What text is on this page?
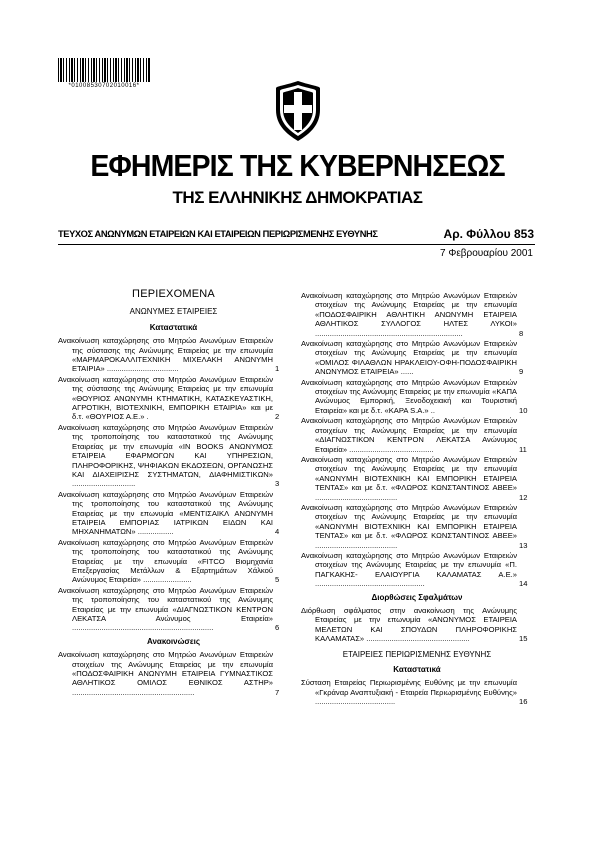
*01008530702010016*
ΕΦΗΜΕΡΙΣ ΤΗΣ ΚΥΒΕΡΝΗΣΕΩΣ
ΤΗΣ ΕΛΛΗΝΙΚΗΣ ΔΗΜΟΚΡΑΤΙΑΣ
ΤΕΥΧΟΣ ΑΝΩΝΥΜΩΝ ΕΤΑΙΡΕΙΩΝ ΚΑΙ ΕΤΑΙΡΕΙΩΝ ΠΕΡΙΩΡΙΣΜΕΝΗΣ ΕΥΘΥΝΗΣ	Αρ. Φύλλου 853
7 Φεβρουαρίου 2001
ΠΕΡΙΕΧΟΜΕΝΑ
ΑΝΩΝΥΜΕΣ ΕΤΑΙΡΕΙΕΣ
Καταστατικά
Ανακοίνωση καταχώρησης στο Μητρώο Ανωνύμων Εταιρειών της σύστασης της Ανώνυμης Εταιρείας με την επωνυμία «ΜΑΡΜΑΡΟΚΑΛΛΙΤΕΧΝΙΚΗ ΜΙΧΕΛΑΚΗ ΑΝΩΝΥΜΗ ΕΤΑΙΡΙΑ» ..................................	1
Ανακοίνωση καταχώρησης στο Μητρώο Ανωνύμων Εταιρειών της σύστασης της Ανώνυμης Εταιρείας με την επωνυμία «ΘΟΥΡΙΟΣ ΑΝΩΝΥΜΗ ΚΤΗΜΑΤΙΚΗ, ΚΑΤΑΣΚΕΥΑΣΤΙΚΗ, ΑΓΡΟΤΙΚΗ, ΒΙΟΤΕΧΝΙΚΗ, ΕΜΠΟΡΙΚΗ ΕΤΑΙΡΙΑ» και με δ.τ. «ΘΟΥΡΙΟΣ Α.Ε.» .	2
Ανακοίνωση καταχώρησης στο Μητρώο Ανωνύμων Εταιρειών της τροποποίησης του καταστατικού της Ανώνυμης Εταιρείας με την επωνυμία «IN BOOKS ΑΝΩΝΥΜΟΣ ΕΤΑΙΡΕΙΑ ΕΦΑΡΜΟΓΩΝ ΚΑΙ ΥΠΗΡΕΣΙΩΝ, ΠΛΗΡΟΦΟΡΙΚΗΣ, ΨΗΦΙΑΚΩΝ ΕΚΔΟΣΕΩΝ, ΟΡΓΑΝΩΣΗΣ ΚΑΙ ΔΙΑΧΕΙΡΙΣΗΣ ΣΥΣΤΗΜΑΤΩΝ, ΔΙΑΦΗΜΙΣΤΙΚΩΝ» ..............................	3
Ανακοίνωση καταχώρησης στο Μητρώο Ανωνύμων Εταιρειών της τροποποίησης του καταστατικού της Ανώνυμης Εταιρείας με την επωνυμία «ΜΕΝΤΙΣΑΙΚΛ ΑΝΩΝΥΜΗ ΕΤΑΙΡΕΙΑ ΕΜΠΟΡΙΑΣ ΙΑΤΡΙΚΩΝ ΕΙΔΩΝ ΚΑΙ ΜΗΧΑΝΗΜΑΤΩΝ» .................	4
Ανακοίνωση καταχώρησης στο Μητρώο Ανωνύμων Εταιρειών της τροποποίησης του καταστατικού της Ανώνυμης Εταιρείας με την επωνυμία «FITCO Βιομηχανία Επεξεργασίας Μετάλλων & Εξαρτημάτων Χάλκού Ανώνυμος Εταιρεία» .......................	5
Ανακοίνωση καταχώρησης στο Μητρώο Ανωνύμων Εταιρειών της τροποποίησης του καταστατικού της Ανώνυμης Εταιρείας με την επωνυμία «ΔΙΑΓΝΩΣΤΙΚΟΝ ΚΕΝΤΡΟΝ ΛΕΚΑΤΣΑ Ανώνυμος Εταιρεία» ...................................................................	6
Ανακοινώσεις
Ανακοίνωση καταχώρησης στο Μητρώο Ανωνύμων Εταιρειών στοιχείων της Ανώνυμης Εταιρείας με την επωνυμία «ΠΟΔΟΣΦΑΙΡΙΚΗ ΑΝΩΝΥΜΗ ΕΤΑΙΡΕΙΑ ΓΥΜΝΑΣΤΙΚΟΣ ΑΘΛΗΤΙΚΟΣ ΟΜΙΛΟΣ ΕΘΝΙΚΟΣ ΑΣΤΗΡ» ..........................................................	7
Ανακοίνωση καταχώρησης στο Μητρώο Ανωνύμων Εταιρειών στοιχείων της Ανώνυμης Εταιρείας με την επωνυμία «ΠΟΔΟΣΦΑΙΡΙΚΗ ΑΘΛΗΤΙΚΗ ΑΝΩΝΥΜΗ ΕΤΑΙΡΕΙΑ ΑΘΛΗΤΙΚΟΣ ΣΥΛΛΟΓΟΣ ΗΛΤΕΣ ΛΥΚΟΙ» ......................................................................	8
Ανακοίνωση καταχώρησης στο Μητρώο Ανωνύμων Εταιρειών στοιχείων της Ανώνυμης Εταιρείας με την επωνυμία «ΟΜΙΛΟΣ ΦΙΛΑΘΛΩΝ ΗΡΑΚΛΕΙΟΥ-ΟΦΗ-ΠΟΔΟΣΦΑΙΡΙΚΗ ΑΝΩΝΥΜΟΣ ΕΤΑΙΡΕΙΑ» ......	9
Ανακοίνωση καταχώρησης στο Μητρώο Ανωνύμων Εταιρειών στοιχείων της Ανώνυμης Εταιρείας με την επωνυμία «ΚΑΠΑ Ανώνυμος Εμπορική, Ξενοδοχειακή και Τουριστική Εταιρεία» και με δ.τ. «ΚΑΡΑ S.A.» ..	10
Ανακοίνωση καταχώρησης στο Μητρώο Ανωνύμων Εταιρειών στοιχείων της Ανώνυμης Εταιρείας με την επωνυμία «ΔΙΑΓΝΩΣΤΙΚΟΝ ΚΕΝΤΡΟΝ ΛΕΚΑΤΣΑ Ανώνυμος Εταιρεία» ........................................	11
Ανακοίνωση καταχώρησης στο Μητρώο Ανωνύμων Εταιρειών στοιχείων της Ανώνυμης Εταιρείας με την επωνυμία «ΑΝΩΝΥΜΗ ΒΙΟΤΕΧΝΙΚΗ ΚΑΙ ΕΜΠΟΡΙΚΗ ΕΤΑΙΡΕΙΑ ΤΕΝΤΑΣ» και με δ.τ. «ΦΛΩΡΟΣ ΚΩΝΣΤΑΝΤΙΝΟΣ ΑΒΕΕ» .......................................	12
Ανακοίνωση καταχώρησης στο Μητρώο Ανωνύμων Εταιρειών στοιχείων της Ανώνυμης Εταιρείας με την επωνυμία «ΑΝΩΝΥΜΗ ΒΙΟΤΕΧΝΙΚΗ ΚΑΙ ΕΜΠΟΡΙΚΗ ΕΤΑΙΡΕΙΑ ΤΕΝΤΑΣ» και με δ.τ. «ΦΛΩΡΟΣ ΚΩΝΣΤΑΝΤΙΝΟΣ ΑΒΕΕ» .......................................	13
Ανακοίνωση καταχώρησης στο Μητρώο Ανωνύμων Εταιρειών στοιχείων της Ανώνυμης Εταιρείας με την επωνυμία «Π. ΠΑΓΚΑΚΗΣ- ΕΛΑΙΟΥΡΓΙΑ ΚΑΛΑΜΑΤΑΣ Α.Ε.» ....................................................	14
Διορθώσεις Σφαλμάτων
Διόρθωση σφάλματος στην ανακοίνωση της Ανώνυμης Εταιρείας με την επωνυμία «ΑΝΩΝΥΜΟΣ ΕΤΑΙΡΕΙΑ ΜΕΛΕΤΩΝ ΚΑΙ ΣΠΟΥΔΩΝ ΠΛΗΡΟΦΟΡΙΚΗΣ ΚΑΛΑΜΑΤΑΣ» .................................................	15
ΕΤΑΙΡΕΙΕΣ ΠΕΡΙΩΡΙΣΜΕΝΗΣ ΕΥΘΥΝΗΣ
Καταστατικά
Σύσταση Εταιρείας Περιωρισμένης Ευθύνης με την επωνυμία «Γκράναρ Αναπτυξιακή - Εταιρεία Περιωρισμένης Ευθύνης» ......................................	16
